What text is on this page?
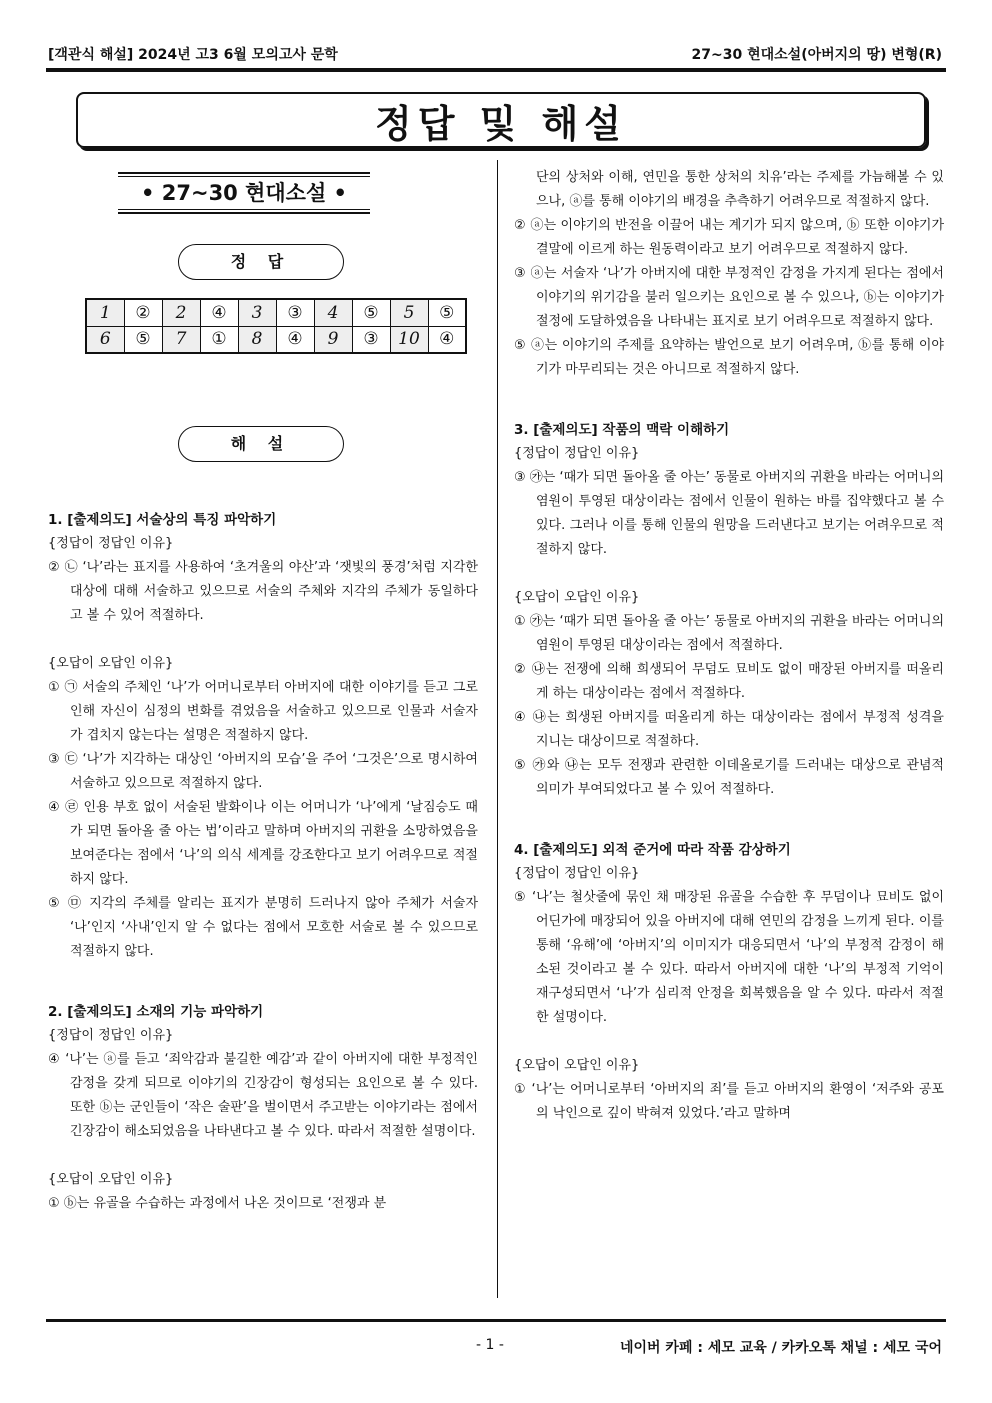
[객관식 해설] 2024년 고3 6월 모의고사 문학	27~30 현대소설(아버지의 땅) 변형(R)
정답 및 해설
• 27~30 현대소설 •
정 답
1	②	2	④	3	③	4	⑤	5	⑤
6	⑤	7	①	8	④	9	③	10	④
해 설
1. [출제의도] 서술상의 특징 파악하기
{정답이 정답인 이유}
② ㉡ ‘나’라는 표지를 사용하여 ‘초겨울의 야산’과 ‘잿빛의 풍경’처럼 지각한 대상에 대해 서술하고 있으므로 서술의 주체와 지각의 주체가 동일하다고 볼 수 있어 적절하다.
{오답이 오답인 이유}
① ㉠ 서술의 주체인 ‘나’가 어머니로부터 아버지에 대한 이야기를 듣고 그로 인해 자신이 심정의 변화를 겪었음을 서술하고 있으므로 인물과 서술자가 겹치지 않는다는 설명은 적절하지 않다.
③ ㉢ ‘나’가 지각하는 대상인 ‘아버지의 모습’을 주어 ‘그것은’으로 명시하여 서술하고 있으므로 적절하지 않다.
④ ㉣ 인용 부호 없이 서술된 발화이나 이는 어머니가 ‘나’에게 ‘날짐승도 때가 되면 돌아올 줄 아는 법’이라고 말하며 아버지의 귀환을 소망하였음을 보여준다는 점에서 ‘나’의 의식 세계를 강조한다고 보기 어려우므로 적절하지 않다.
⑤ ㉤ 지각의 주체를 알리는 표지가 분명히 드러나지 않아 주체가 서술자 ‘나’인지 ‘사내’인지 알 수 없다는 점에서 모호한 서술로 볼 수 있으므로 적절하지 않다.
2. [출제의도] 소재의 기능 파악하기
{정답이 정답인 이유}
④ ‘나’는 ⓐ를 듣고 ‘죄악감과 불길한 예감’과 같이 아버지에 대한 부정적인 감정을 갖게 되므로 이야기의 긴장감이 형성되는 요인으로 볼 수 있다. 또한 ⓑ는 군인들이 ‘작은 술판’을 벌이면서 주고받는 이야기라는 점에서 긴장감이 해소되었음을 나타낸다고 볼 수 있다. 따라서 적절한 설명이다.
{오답이 오답인 이유}
① ⓑ는 유골을 수습하는 과정에서 나온 것이므로 ‘전쟁과 분
단의 상처와 이해, 연민을 통한 상처의 치유’라는 주제를 가늠해볼 수 있으나, ⓐ를 통해 이야기의 배경을 추측하기 어려우므로 적절하지 않다.
② ⓐ는 이야기의 반전을 이끌어 내는 계기가 되지 않으며, ⓑ 또한 이야기가 결말에 이르게 하는 원동력이라고 보기 어려우므로 적절하지 않다.
③ ⓐ는 서술자 ‘나’가 아버지에 대한 부정적인 감정을 가지게 된다는 점에서 이야기의 위기감을 불러 일으키는 요인으로 볼 수 있으나, ⓑ는 이야기가 절정에 도달하였음을 나타내는 표지로 보기 어려우므로 적절하지 않다.
⑤ ⓐ는 이야기의 주제를 요약하는 발언으로 보기 어려우며, ⓑ를 통해 이야기가 마무리되는 것은 아니므로 적절하지 않다.
3. [출제의도] 작품의 맥락 이해하기
{정답이 정답인 이유}
③ ㉮는 ‘때가 되면 돌아올 줄 아는’ 동물로 아버지의 귀환을 바라는 어머니의 염원이 투영된 대상이라는 점에서 인물이 원하는 바를 집약했다고 볼 수 있다. 그러나 이를 통해 인물의 원망을 드러낸다고 보기는 어려우므로 적절하지 않다.
{오답이 오답인 이유}
① ㉮는 ‘때가 되면 돌아올 줄 아는’ 동물로 아버지의 귀환을 바라는 어머니의 염원이 투영된 대상이라는 점에서 적절하다.
② ㉯는 전쟁에 의해 희생되어 무덤도 묘비도 없이 매장된 아버지를 떠올리게 하는 대상이라는 점에서 적절하다.
④ ㉯는 희생된 아버지를 떠올리게 하는 대상이라는 점에서 부정적 성격을 지니는 대상이므로 적절하다.
⑤ ㉮와 ㉯는 모두 전쟁과 관련한 이데올로기를 드러내는 대상으로 관념적 의미가 부여되었다고 볼 수 있어 적절하다.
4. [출제의도] 외적 준거에 따라 작품 감상하기
{정답이 정답인 이유}
⑤ ‘나’는 철삿줄에 묶인 채 매장된 유골을 수습한 후 무덤이나 묘비도 없이 어딘가에 매장되어 있을 아버지에 대해 연민의 감정을 느끼게 된다. 이를 통해 ‘유해’에 ‘아버지’의 이미지가 대응되면서 ‘나’의 부정적 감정이 해소된 것이라고 볼 수 있다. 따라서 아버지에 대한 ‘나’의 부정적 기억이 재구성되면서 ‘나’가 심리적 안정을 회복했음을 알 수 있다. 따라서 적절한 설명이다.
{오답이 오답인 이유}
① ‘나’는 어머니로부터 ‘아버지의 죄’를 듣고 아버지의 환영이 ‘저주와 공포의 낙인으로 깊이 박혀져 있었다.’라고 말하며
- 1 -	네이버 카페 : 세모 교육 / 카카오톡 채널 : 세모 국어
